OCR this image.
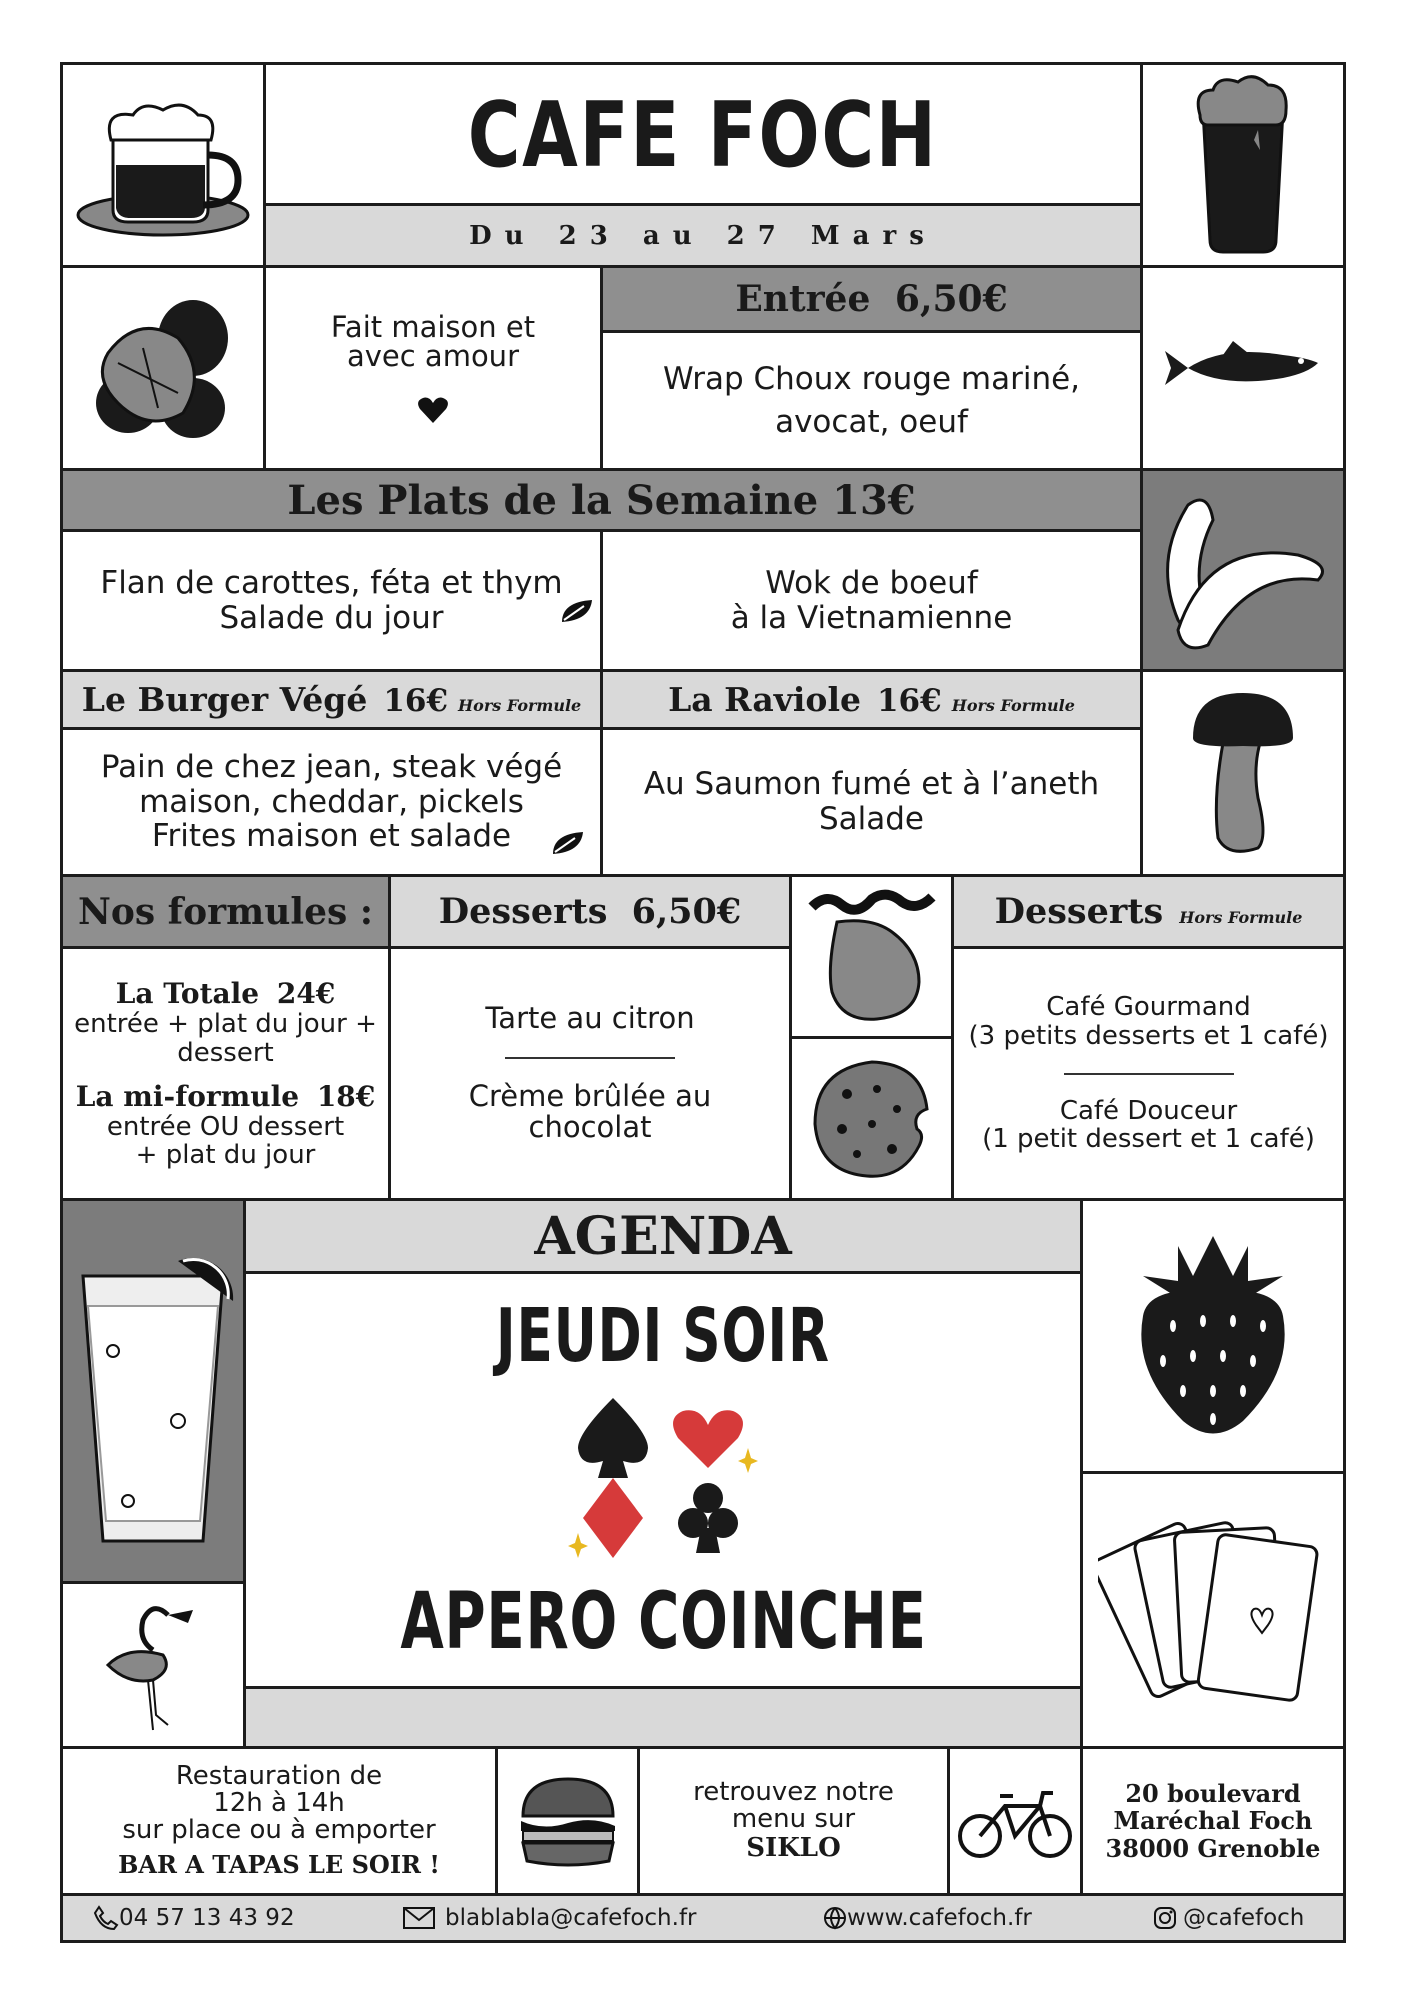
CAFE FOCH
Du 23 au 27 Mars
Fait maison et avec amour
Entrée 6,50€
Wrap Choux rouge mariné,
avocat, oeuf
Les Plats de la Semaine 13€
Flan de carottes, féta et thym
Salade du jour
Wok de boeuf
à la Vietnamienne
Le Burger Végé 16€ Hors Formule
Pain de chez jean, steak végé
maison, cheddar, pickels
Frites maison et salade
La Raviole 16€ Hors Formule
Au Saumon fumé et à l’aneth
Salade
Nos formules :
La Totale 24€
entrée + plat du jour +
dessert
La mi-formule 18€
entrée OU dessert
+ plat du jour
Desserts 6,50€
Tarte au citron
Crème brûlée au
chocolat
Desserts Hors Formule
Café Gourmand
(3 petits desserts et 1 café)
Café Douceur
(1 petit dessert et 1 café)
AGENDA
JEUDI SOIR
APERO COINCHE
Restauration de
12h à 14h
sur place ou à emporter
BAR A TAPAS LE SOIR !
retrouvez notre
menu sur
SIKLO
20 boulevard
Maréchal Foch
38000 Grenoble
04 57 13 43 92	blablabla@cafefoch.fr	www.cafefoch.fr	@cafefoch
